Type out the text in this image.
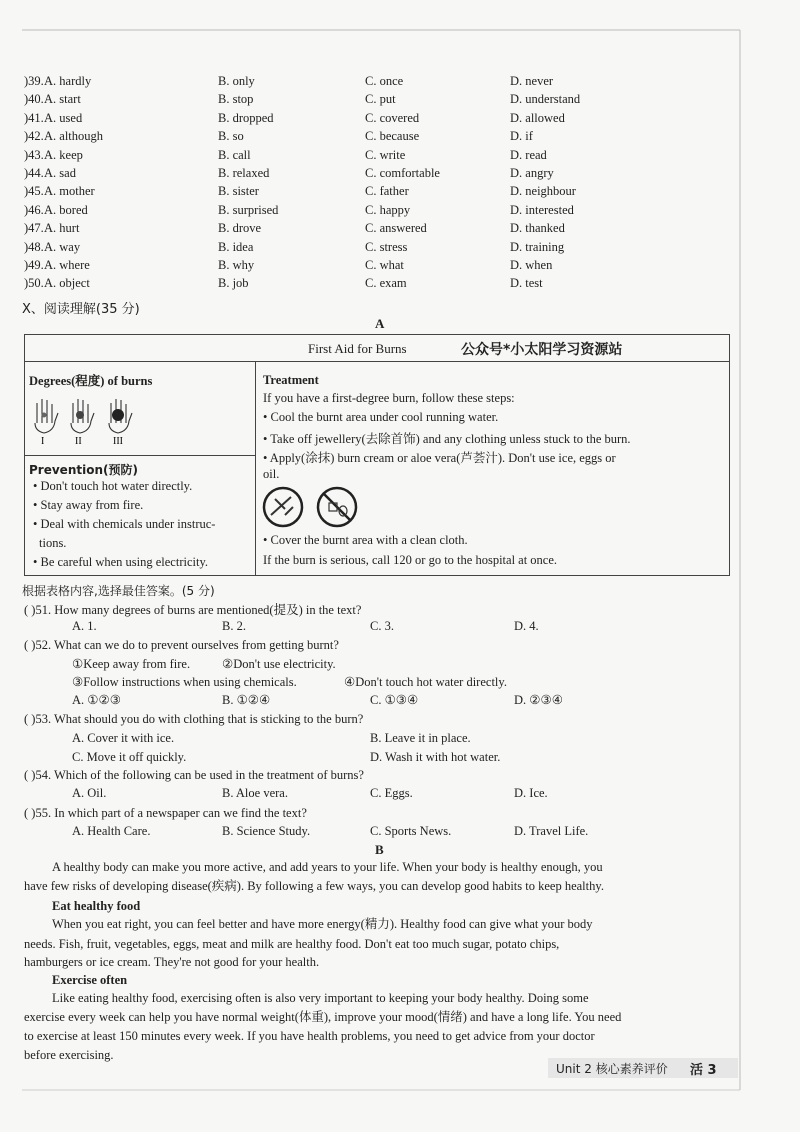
)39. A. hardly	B. only	C. once	D. never
)40. A. start	B. stop	C. put	D. understand
)41. A. used	B. dropped	C. covered	D. allowed
)42. A. although	B. so	C. because	D. if
)43. A. keep	B. call	C. write	D. read
)44. A. sad	B. relaxed	C. comfortable	D. angry
)45. A. mother	B. sister	C. father	D. neighbour
)46. A. bored	B. surprised	C. happy	D. interested
)47. A. hurt	B. drove	C. answered	D. thanked
)48. A. way	B. idea	C. stress	D. training
)49. A. where	B. why	C. what	D. when
)50. A. object	B. job	C. exam	D. test
X、阅读理解(35 分)
A
First Aid for Burns	公众号*小太阳学习资源站
Degrees(程度) of burns
I	II	III
Prevention(预防)
• Don't touch hot water directly.
• Stay away from fire.
• Deal with chemicals under instruc-
tions.
• Be careful when using electricity.
Treatment
If you have a first-degree burn, follow these steps:
• Cool the burnt area under cool running water.
• Take off jewellery(去除首饰) and any clothing unless stuck to the burn.
• Apply(涂抹) burn cream or aloe vera(芦荟汁). Don't use ice, eggs or
oil.
• Cover the burnt area with a clean cloth.
If the burn is serious, call 120 or go to the hospital at once.
根据表格内容,选择最佳答案。(5 分)
( )51. How many degrees of burns are mentioned(提及) in the text?
A. 1.	B. 2.	C. 3.	D. 4.
( )52. What can we do to prevent ourselves from getting burnt?
①Keep away from fire.	②Don't use electricity.
③Follow instructions when using chemicals.	④Don't touch hot water directly.
A. ①②③	B. ①②④	C. ①③④	D. ②③④
( )53. What should you do with clothing that is sticking to the burn?
A. Cover it with ice.	B. Leave it in place.
C. Move it off quickly.	D. Wash it with hot water.
( )54. Which of the following can be used in the treatment of burns?
A. Oil.	B. Aloe vera.	C. Eggs.	D. Ice.
( )55. In which part of a newspaper can we find the text?
A. Health Care.	B. Science Study.	C. Sports News.	D. Travel Life.
B
A healthy body can make you more active, and add years to your life. When your body is healthy enough, you
have few risks of developing disease(疾病). By following a few ways, you can develop good habits to keep healthy.
Eat healthy food
When you eat right, you can feel better and have more energy(精力). Healthy food can give what your body
needs. Fish, fruit, vegetables, eggs, meat and milk are healthy food. Don't eat too much sugar, potato chips,
hamburgers or ice cream. They're not good for your health.
Exercise often
Like eating healthy food, exercising often is also very important to keeping your body healthy. Doing some
exercise every week can help you have normal weight(体重), improve your mood(情绪) and have a long life. You need
to exercise at least 150 minutes every week. If you have health problems, you need to get advice from your doctor
before exercising.
Unit 2 核心素养评价 活 3
